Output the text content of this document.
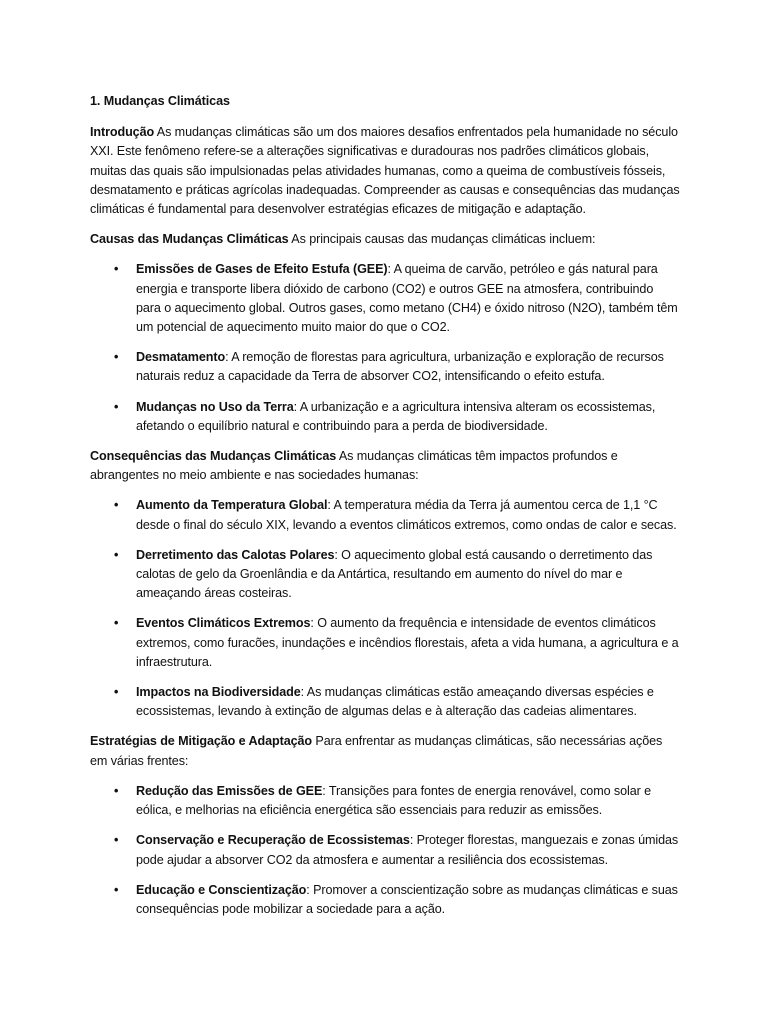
1. Mudanças Climáticas

Introdução As mudanças climáticas são um dos maiores desafios enfrentados pela humanidade no século XXI. Este fenômeno refere-se a alterações significativas e duradouras nos padrões climáticos globais, muitas das quais são impulsionadas pelas atividades humanas, como a queima de combustíveis fósseis, desmatamento e práticas agrícolas inadequadas. Compreender as causas e consequências das mudanças climáticas é fundamental para desenvolver estratégias eficazes de mitigação e adaptação.

Causas das Mudanças Climáticas As principais causas das mudanças climáticas incluem:

• Emissões de Gases de Efeito Estufa (GEE): A queima de carvão, petróleo e gás natural para energia e transporte libera dióxido de carbono (CO2) e outros GEE na atmosfera, contribuindo para o aquecimento global. Outros gases, como metano (CH4) e óxido nitroso (N2O), também têm um potencial de aquecimento muito maior do que o CO2.
• Desmatamento: A remoção de florestas para agricultura, urbanização e exploração de recursos naturais reduz a capacidade da Terra de absorver CO2, intensificando o efeito estufa.
• Mudanças no Uso da Terra: A urbanização e a agricultura intensiva alteram os ecossistemas, afetando o equilíbrio natural e contribuindo para a perda de biodiversidade.

Consequências das Mudanças Climáticas As mudanças climáticas têm impactos profundos e abrangentes no meio ambiente e nas sociedades humanas:

• Aumento da Temperatura Global: A temperatura média da Terra já aumentou cerca de 1,1 °C desde o final do século XIX, levando a eventos climáticos extremos, como ondas de calor e secas.
• Derretimento das Calotas Polares: O aquecimento global está causando o derretimento das calotas de gelo da Groenlândia e da Antártica, resultando em aumento do nível do mar e ameaçando áreas costeiras.
• Eventos Climáticos Extremos: O aumento da frequência e intensidade de eventos climáticos extremos, como furacões, inundações e incêndios florestais, afeta a vida humana, a agricultura e a infraestrutura.
• Impactos na Biodiversidade: As mudanças climáticas estão ameaçando diversas espécies e ecossistemas, levando à extinção de algumas delas e à alteração das cadeias alimentares.

Estratégias de Mitigação e Adaptação Para enfrentar as mudanças climáticas, são necessárias ações em várias frentes:

• Redução das Emissões de GEE: Transições para fontes de energia renovável, como solar e eólica, e melhorias na eficiência energética são essenciais para reduzir as emissões.
• Conservação e Recuperação de Ecossistemas: Proteger florestas, manguezais e zonas úmidas pode ajudar a absorver CO2 da atmosfera e aumentar a resiliência dos ecossistemas.
• Educação e Conscientização: Promover a conscientização sobre as mudanças climáticas e suas consequências pode mobilizar a sociedade para a ação.
